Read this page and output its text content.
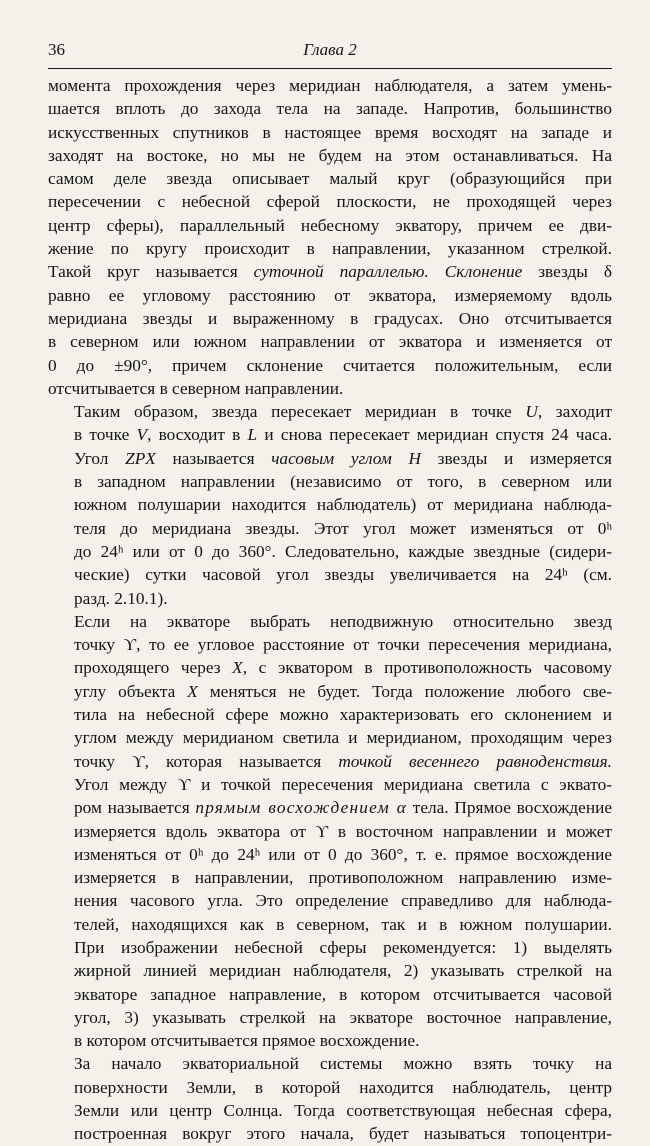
36	Глава 2
момента прохождения через меридиан наблюдателя, а затем умень-
шается вплоть до захода тела на западе. Напротив, большинство
искусственных спутников в настоящее время восходят на западе и
заходят на востоке, но мы не будем на этом останавливаться. На
самом деле звезда описывает малый круг (образующийся при
пересечении с небесной сферой плоскости, не проходящей через
центр сферы), параллельный небесному экватору, причем ее дви-
жение по кругу происходит в направлении, указанном стрелкой.
Такой круг называется суточной параллелью. Склонение звезды δ
равно ее угловому расстоянию от экватора, измеряемому вдоль
меридиана звезды и выраженному в градусах. Оно отсчитывается
в северном или южном направлении от экватора и изменяется от
0 до ±90°, причем склонение считается положительным, если
отсчитывается в северном направлении.
Таким образом, звезда пересекает меридиан в точке U, заходит
в точке V, восходит в L и снова пересекает меридиан спустя 24 часа.
Угол ZPX называется часовым углом H звезды и измеряется
в западном направлении (независимо от того, в северном или
южном полушарии находится наблюдатель) от меридиана наблюда-
теля до меридиана звезды. Этот угол может изменяться от 0ʰ
до 24ʰ или от 0 до 360°. Следовательно, каждые звездные (сидери-
ческие) сутки часовой угол звезды увеличивается на 24ʰ (см.
разд. 2.10.1).
Если на экваторе выбрать неподвижную относительно звезд
точку ϒ, то ее угловое расстояние от точки пересечения меридиана,
проходящего через X, с экватором в противоположность часовому
углу объекта X меняться не будет. Тогда положение любого све-
тила на небесной сфере можно характеризовать его склонением и
углом между меридианом светила и меридианом, проходящим через
точку ϒ, которая называется точкой весеннего равноденствия.
Угол между ϒ и точкой пересечения меридиана светила с эквато-
ром называется прямым восхождением α тела. Прямое восхождение
измеряется вдоль экватора от ϒ в восточном направлении и может
изменяться от 0ʰ до 24ʰ или от 0 до 360°, т. е. прямое восхождение
измеряется в направлении, противоположном направлению изме-
нения часового угла. Это определение справедливо для наблюда-
телей, находящихся как в северном, так и в южном полушарии.
При изображении небесной сферы рекомендуется: 1) выделять
жирной линией меридиан наблюдателя, 2) указывать стрелкой на
экваторе западное направление, в котором отсчитывается часовой
угол, 3) указывать стрелкой на экваторе восточное направление,
в котором отсчитывается прямое восхождение.
За начало экваториальной системы можно взять точку на
поверхности Земли, в которой находится наблюдатель, центр
Земли или центр Солнца. Тогда соответствующая небесная сфера,
построенная вокруг этого начала, будет называться топоцентри-
